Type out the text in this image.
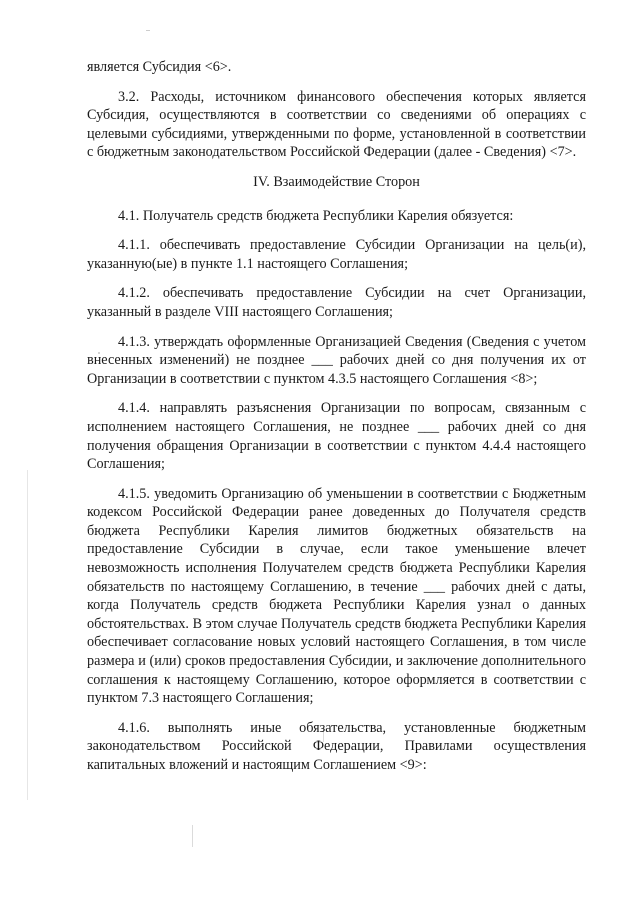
является Субсидия <6>.

3.2. Расходы, источником финансового обеспечения которых является Субсидия, осуществляются в соответствии со сведениями об операциях с целевыми субсидиями, утвержденными по форме, установленной в соответствии с бюджетным законодательством Российской Федерации (далее - Сведения) <7>.

IV. Взаимодействие Сторон

4.1. Получатель средств бюджета Республики Карелия обязуется:

4.1.1. обеспечивать предоставление Субсидии Организации на цель(и), указанную(ые) в пункте 1.1 настоящего Соглашения;

4.1.2. обеспечивать предоставление Субсидии на счет Организации, указанный в разделе VIII настоящего Соглашения;

4.1.3. утверждать оформленные Организацией Сведения (Сведения с учетом внесенных изменений) не позднее ___ рабочих дней со дня получения их от Организации в соответствии с пунктом 4.3.5 настоящего Соглашения <8>;

4.1.4. направлять разъяснения Организации по вопросам, связанным с исполнением настоящего Соглашения, не позднее ___ рабочих дней со дня получения обращения Организации в соответствии с пунктом 4.4.4 настоящего Соглашения;

4.1.5. уведомить Организацию об уменьшении в соответствии с Бюджетным кодексом Российской Федерации ранее доведенных до Получателя средств бюджета Республики Карелия лимитов бюджетных обязательств на предоставление Субсидии в случае, если такое уменьшение влечет невозможность исполнения Получателем средств бюджета Республики Карелия обязательств по настоящему Соглашению, в течение ___ рабочих дней с даты, когда Получатель средств бюджета Республики Карелия узнал о данных обстоятельствах. В этом случае Получатель средств бюджета Республики Карелия обеспечивает согласование новых условий настоящего Соглашения, в том числе размера и (или) сроков предоставления Субсидии, и заключение дополнительного соглашения к настоящему Соглашению, которое оформляется в соответствии с пунктом 7.3 настоящего Соглашения;

4.1.6. выполнять иные обязательства, установленные бюджетным законодательством Российской Федерации, Правилами осуществления капитальных вложений и настоящим Соглашением <9>:
